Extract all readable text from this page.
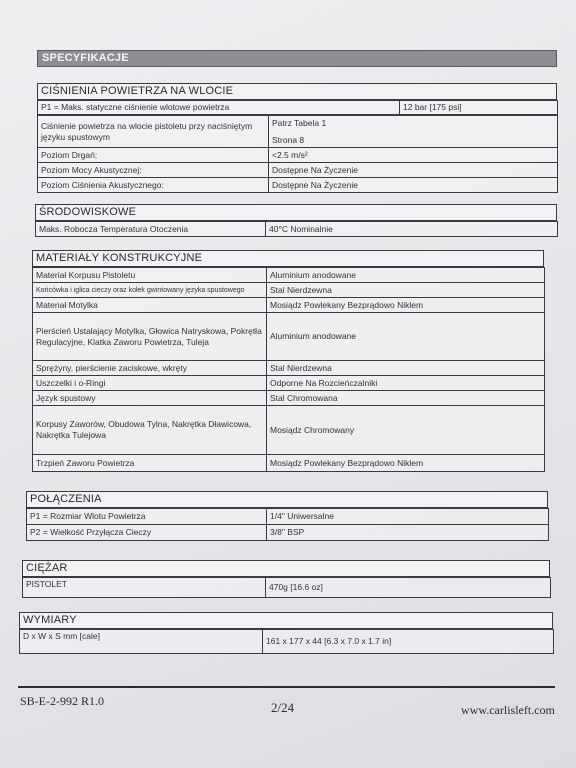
SPECYFIKACJE
CIŚNIENIA POWIETRZA NA WLOCIE
P1 = Maks. statyczne ciśnienie wlotowe powietrza	12 bar [175 psi]
Ciśnienie powietrza na wlocie pistoletu przy naciśniętym języku spustowym	Patrz Tabela 1
Strona 8

Poziom Drgań:	<2.5 m/s²
Poziom Mocy Akustycznej:	Dostępne Na Życzenie
Poziom Ciśnienia Akustycznego:	Dostępne Na Życzenie
ŚRODOWISKOWE
Maks. Robocza Temperatura Otoczenia	40°C Nominalnie
MATERIAŁY KONSTRUKCYJNE
Materiał Korpusu Pistoletu	Aluminium anodowane
Końcówka i iglica cieczy oraz kołek gwintowany języka spustowego	Stal Nierdzewna
Materiał Motylka	Mosiądz Powlekany Bezprądowo Niklem
Pierścień Ustalający Motylka, Głowica Natryskowa, Pokrętła Regulacyjne, Klatka Zaworu Powietrza, Tuleja	Aluminium anodowane
Sprężyny, pierścienie zaciskowe, wkręty	Stal Nierdzewna
Uszczelki i o-Ringi	Odporne Na Rozcieńczalniki
Język spustowy	Stal Chromowana
Korpusy Zaworów, Obudowa Tylna, Nakrętka Dławicowa, Nakrętka Tulejowa	Mosiądz Chromowany
Trzpień Zaworu Powietrza	Mosiądz Powlekany Bezprądowo Niklem
POŁĄCZENIA
P1 = Rozmiar Wlotu Powietrza	1/4" Uniwersalne
P2 = Wielkość Przyłącza Cieczy	3/8" BSP
CIĘŻAR
PISTOLET	470g [16.6 oz]
WYMIARY
D x W x S mm [cale]	161 x 177 x 44 [6.3 x 7.0 x 1.7 in]
SB-E-2-992 R1.0	2/24	www.carlisleft.com
